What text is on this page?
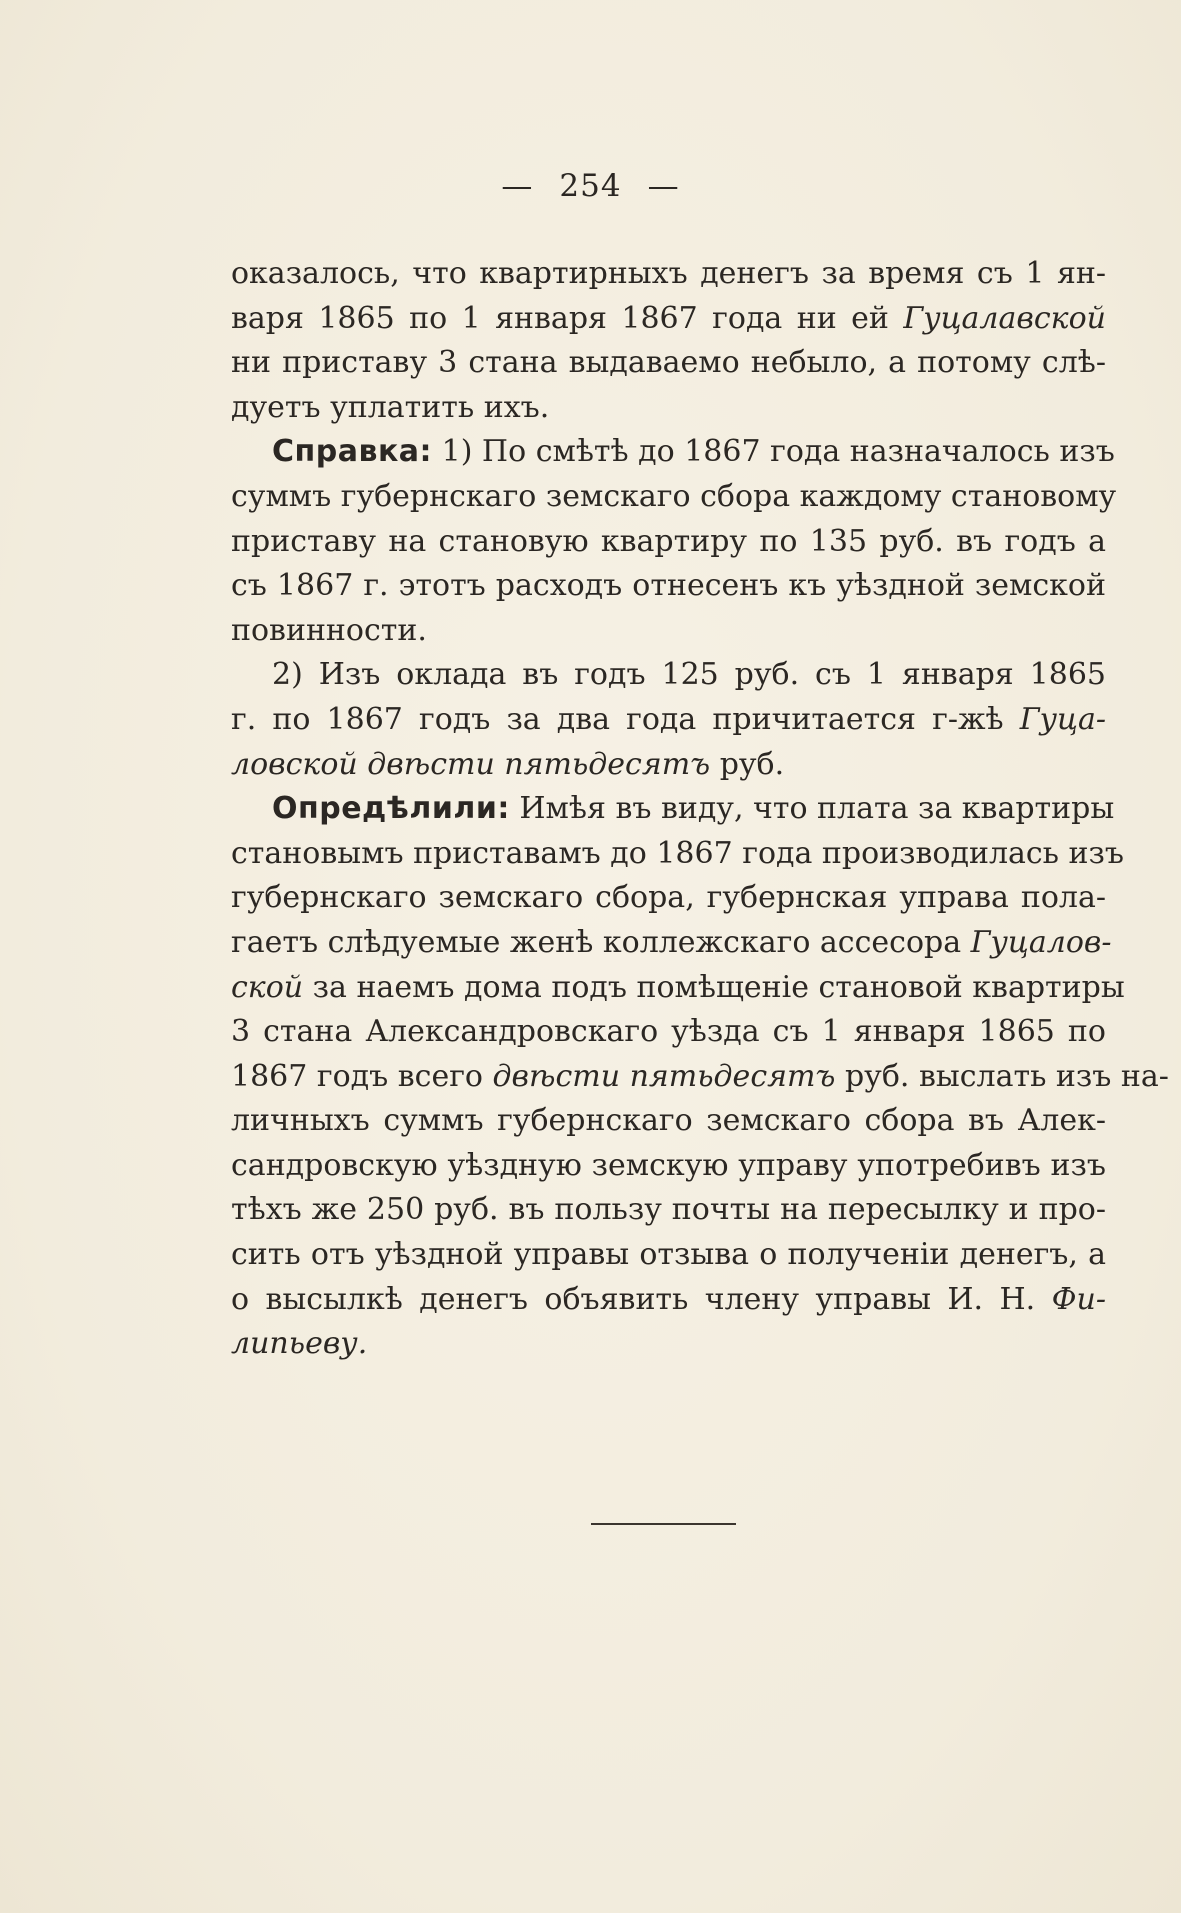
— 254 —
оказалось, что квартирныхъ денегъ за время съ 1 ян-
варя 1865 по 1 января 1867 года ни ей Гуцалавской
ни приставу 3 стана выдаваемо небыло, а потому слѣ-
дуетъ уплатить ихъ.
Справка: 1) По смѣтѣ до 1867 года назначалось изъ
суммъ губернскаго земскаго сбора каждому становому
приставу на становую квартиру по 135 руб. въ годъ а
съ 1867 г. этотъ расходъ отнесенъ къ уѣздной земской
повинности.
2) Изъ оклада въ годъ 125 руб. съ 1 января 1865
г. по 1867 годъ за два года причитается г-жѣ Гуца-
ловской двѣсти пятьдесятъ руб.
Опредѣлили: Имѣя въ виду, что плата за квартиры
становымъ приставамъ до 1867 года производилась изъ
губернскаго земскаго сбора, губернская управа пола-
гаетъ слѣдуемые женѣ коллежскаго ассесора Гуцалов-
ской за наемъ дома подъ помѣщенiе становой квартиры
3 стана Александровскаго уѣзда съ 1 января 1865 по
1867 годъ всего двѣсти пятьдесятъ руб. выслать изъ на-
личныхъ суммъ губернскаго земскаго сбора въ Алек-
сандровскую уѣздную земскую управу употребивъ изъ
тѣхъ же 250 руб. въ пользу почты на пересылку и про-
сить отъ уѣздной управы отзыва о полученiи денегъ, а
о высылкѣ денегъ объявить члену управы И. Н. Фи-
липьеву.
